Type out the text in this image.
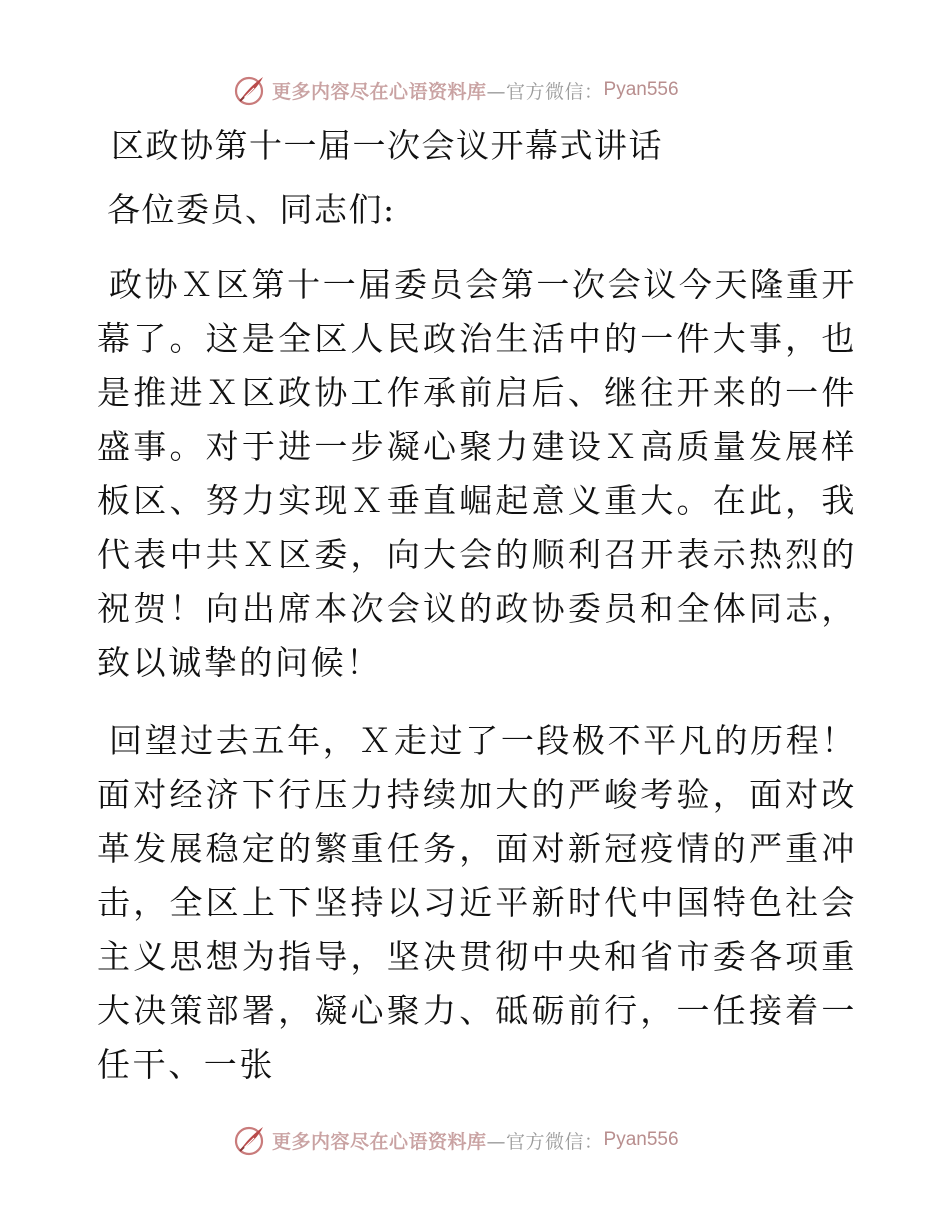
更多内容尽在心语资料库 —官方微信： Pyan556
区政协第十一届一次会议开幕式讲话

各位委员、同志们:

政协Ｘ区第十一届委员会第一次会议今天隆重开幕了。这是全区人民政治生活中的一件大事，也是推进Ｘ区政协工作承前启后、继往开来的一件盛事。对于进一步凝心聚力建设Ｘ高质量发展样板区、努力实现Ｘ垂直崛起意义重大。在此，我代表中共Ｘ区委，向大会的顺利召开表示热烈的祝贺！向出席本次会议的政协委员和全体同志，致以诚挚的问候！

回望过去五年，Ｘ走过了一段极不平凡的历程！面对经济下行压力持续加大的严峻考验，面对改革发展稳定的繁重任务，面对新冠疫情的严重冲击，全区上下坚持以习近平新时代中国特色社会主义思想为指导，坚决贯彻中央和省市委各项重大决策部署，凝心聚力、砥砺前行，一任接着一任干、一张

更多内容尽在心语资料库 —官方微信： Pyan556
